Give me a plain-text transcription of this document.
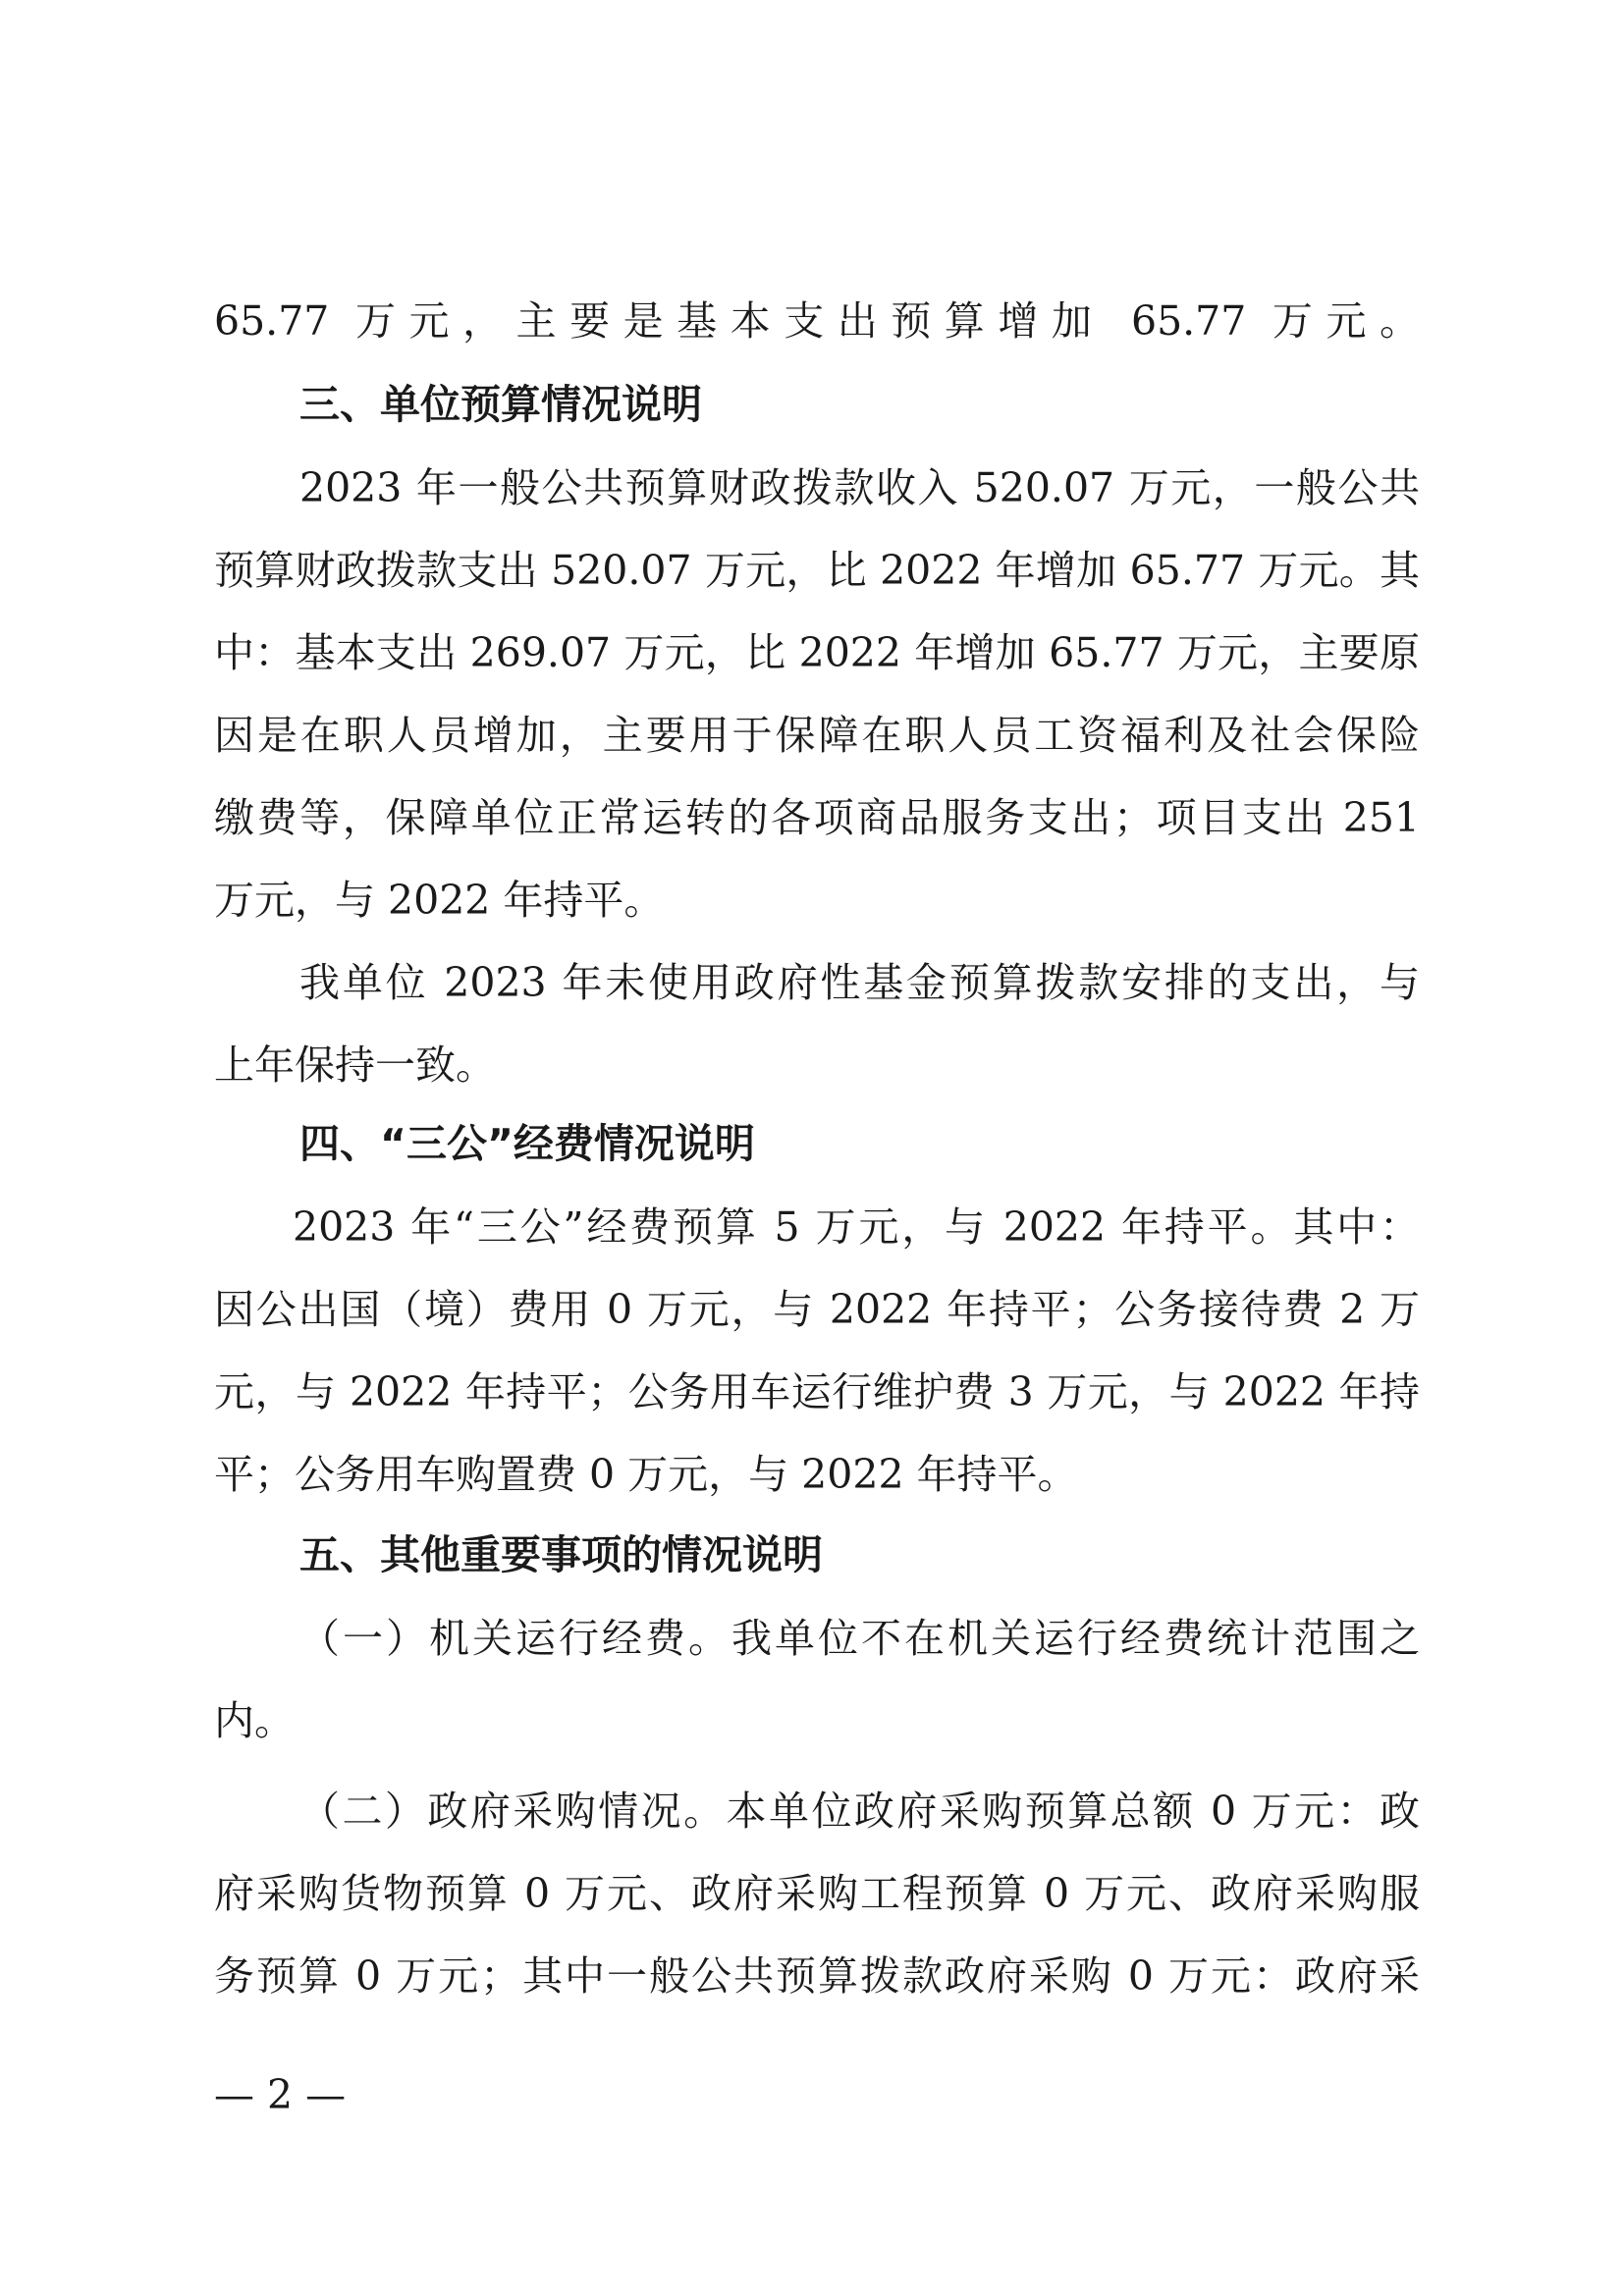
65.77 万元，主要是基本支出预算增加 65.77 万元。
三、单位预算情况说明
2023 年一般公共预算财政拨款收入 520.07 万元，一般公共
预算财政拨款支出 520.07 万元，比 2022 年增加 65.77 万元。其
中：基本支出 269.07 万元，比 2022 年增加 65.77 万元，主要原
因是在职人员增加，主要用于保障在职人员工资福利及社会保险
缴费等，保障单位正常运转的各项商品服务支出；项目支出 251
万元，与 2022 年持平。
我单位 2023 年未使用政府性基金预算拨款安排的支出，与
上年保持一致。
四、“三公”经费情况说明
2023 年“三公”经费预算 5 万元，与 2022 年持平。其中：
因公出国（境）费用 0 万元，与 2022 年持平；公务接待费 2 万
元，与 2022 年持平；公务用车运行维护费 3 万元，与 2022 年持
平；公务用车购置费 0 万元，与 2022 年持平。
五、其他重要事项的情况说明
（一）机关运行经费。我单位不在机关运行经费统计范围之
内。
（二）政府采购情况。本单位政府采购预算总额 0 万元：政
府采购货物预算 0 万元、政府采购工程预算 0 万元、政府采购服
务预算 0 万元；其中一般公共预算拨款政府采购 0 万元：政府采
— 2 —
